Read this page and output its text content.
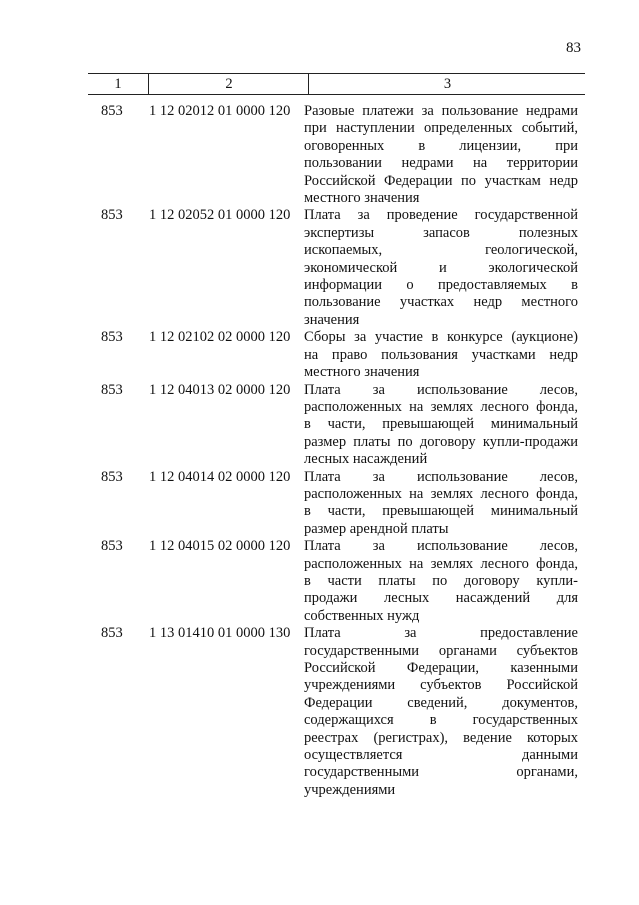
83
1	2	3
853	1 12 02012 01 0000 120 Разовые платежи за пользование недрами
при наступлении определенных событий,
оговоренных в лицензии, при
пользовании недрами на территории
Российской Федерации по участкам недр
местного значения
853	1 12 02052 01 0000 120 Плата за проведение государственной
экспертизы запасов полезных
ископаемых, геологической,
экономической и экологической
информации о предоставляемых в
пользование участках недр местного
значения
853	1 12 02102 02 0000 120 Сборы за участие в конкурсе (аукционе)
на право пользования участками недр
местного значения
853	1 12 04013 02 0000 120 Плата за использование лесов,
расположенных на землях лесного фонда,
в части, превышающей минимальный
размер платы по договору купли-продажи
лесных насаждений
853	1 12 04014 02 0000 120 Плата за использование лесов,
расположенных на землях лесного фонда,
в части, превышающей минимальный
размер арендной платы
853	1 12 04015 02 0000 120 Плата за использование лесов,
расположенных на землях лесного фонда,
в части платы по договору купли-
продажи лесных насаждений для
собственных нужд
853	1 13 01410 01 0000 130 Плата за предоставление
государственными органами субъектов
Российской Федерации, казенными
учреждениями субъектов Российской
Федерации сведений, документов,
содержащихся в государственных
реестрах (регистрах), ведение которых
осуществляется данными
государственными органами,
учреждениями
